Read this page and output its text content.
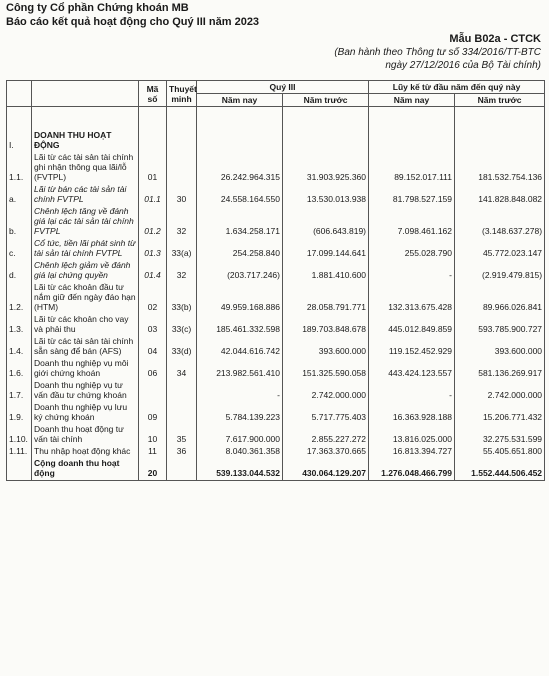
Công ty Cổ phần Chứng khoán MB
Báo cáo kết quả hoạt động cho Quý III năm 2023
Mẫu B02a - CTCK
(Ban hành theo Thông tư số 334/2016/TT-BTC
ngày 27/12/2016 của Bộ Tài chính)
		Mã số	Thuyết minh	Quý III		Lũy kế từ đầu năm đến quý này	
				Năm nay	Năm trước	Năm nay	Năm trước

I.	DOANH THU HOẠT ĐỘNG						
1.1.	Lãi từ các tài sản tài chính ghi nhận thông qua lãi/lỗ (FVTPL)	01		26.242.964.315	31.903.925.360	89.152.017.111	181.532.754.136
a.	Lãi từ bán các tài sản tài chính FVTPL	01.1	30	24.558.164.550	13.530.013.938	81.798.527.159	141.828.848.082
b.	Chênh lệch tăng về đánh giá lại các tài sản tài chính FVTPL	01.2	32	1.634.258.171	(606.643.819)	7.098.461.162	(3.148.637.278)
c.	Cổ tức, tiền lãi phát sinh từ tài sản tài chính FVTPL	01.3	33(a)	254.258.840	17.099.144.641	255.028.790	45.772.023.147
d.	Chênh lệch giảm về đánh giá lại chứng quyền	01.4	32	(203.717.246)	1.881.410.600	-	(2.919.479.815)
1.2.	Lãi từ các khoản đầu tư nắm giữ đến ngày đáo hạn (HTM)	02	33(b)	49.959.168.886	28.058.791.771	132.313.675.428	89.966.026.841
1.3.	Lãi từ các khoản cho vay và phải thu	03	33(c)	185.461.332.598	189.703.848.678	445.012.849.859	593.785.900.727
1.4.	Lãi từ các tài sản tài chính sẵn sàng để bán (AFS)	04	33(d)	42.044.616.742	393.600.000	119.152.452.929	393.600.000
1.6.	Doanh thu nghiệp vụ môi giới chứng khoán	06	34	213.982.561.410	151.325.590.058	443.424.123.557	581.136.269.917
1.7.	Doanh thu nghiệp vụ tư vấn đầu tư chứng khoán			-	2.742.000.000	-	2.742.000.000
1.9.	Doanh thu nghiệp vụ lưu ký chứng khoán	09		5.784.139.223	5.717.775.403	16.363.928.188	15.206.771.432
1.10.	Doanh thu hoạt động tư vấn tài chính	10	35	7.617.900.000	2.855.227.272	13.816.025.000	32.275.531.599
1.11.	Thu nhập hoạt động khác	11	36	8.040.361.358	17.363.370.665	16.813.394.727	55.405.651.800
	Cộng doanh thu hoạt động	20		539.133.044.532	430.064.129.207	1.276.048.466.799	1.552.444.506.452
